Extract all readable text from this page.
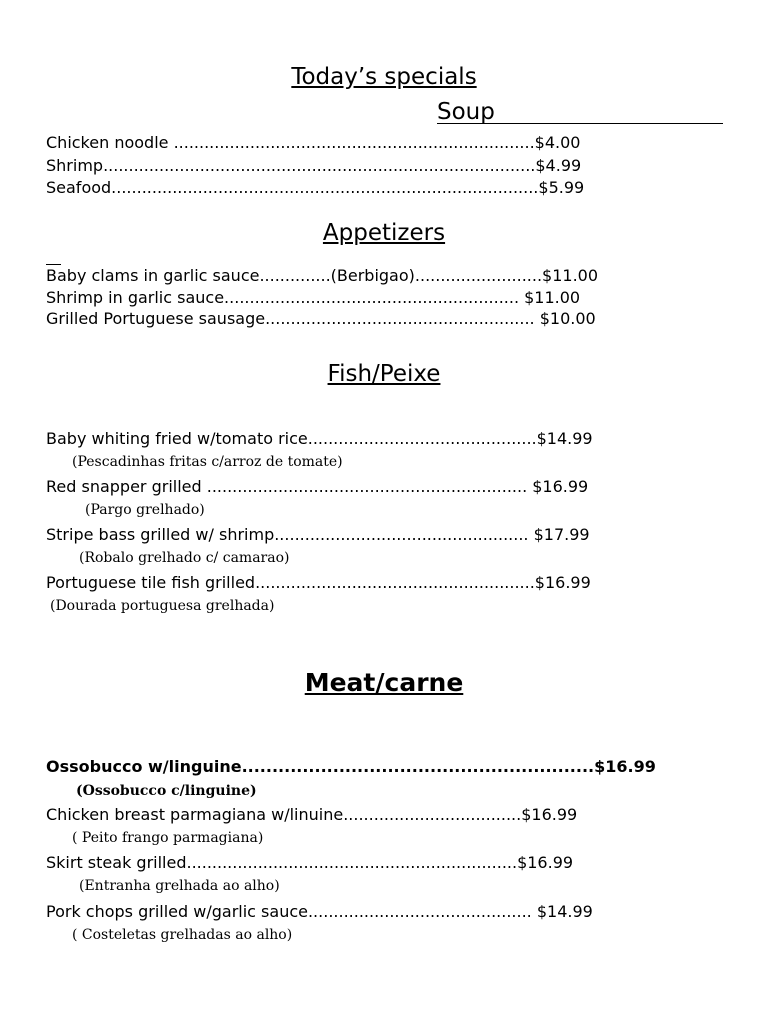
Today’s specials
Soup
Chicken noodle .......................................................................$4.00
Shrimp.....................................................................................$4.99
Seafood....................................................................................$5.99
Appetizers
Baby clams in garlic sauce..............(Berbigao).........................$11.00
Shrimp in garlic sauce.......................................................... $11.00
Grilled Portuguese sausage..................................................... $10.00
Fish/Peixe
Baby whiting fried w/tomato rice.............................................$14.99
(Pescadinhas fritas c/arroz de tomate)
Red snapper grilled ............................................................... $16.99
(Pargo grelhado)
Stripe bass grilled w/ shrimp.................................................. $17.99
(Robalo grelhado c/ camarao)
Portuguese tile fish grilled.......................................................$16.99
(Dourada portuguesa grelhada)
Meat/carne
Ossobucco w/linguine..........................................................$16.99
(Ossobucco c/linguine)
Chicken breast parmagiana w/linuine...................................$16.99
( Peito frango parmagiana)
Skirt steak grilled.................................................................$16.99
(Entranha grelhada ao alho)
Pork chops grilled w/garlic sauce............................................ $14.99
( Costeletas grelhadas ao alho)
